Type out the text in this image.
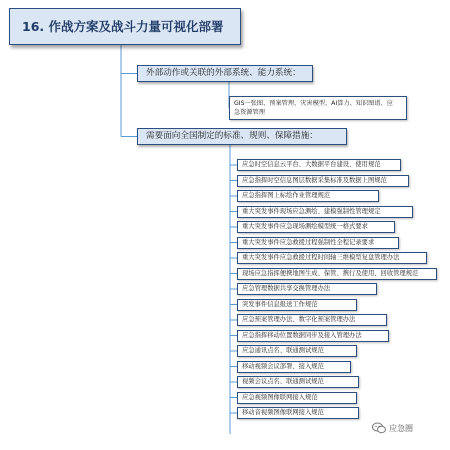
16. 作战方案及战斗力量可视化部署
外部动作或关联的外部系统、能力系统：
GIS一张图、预案管理、灾害模型、AI算力、知识图谱、应
急资源管理
需要面向全国制定的标准、规则、保障措施：
应急时空信息云平台、大数据平台建设、使用规范
应急指挥时空信息图层数据采集标准及数据上图规范
应急指挥图上标绘作业管理规范
重大突发事件现场应急测绘、建模强制性管理规定
重大突发事件应急现场测绘模型统一格式要求
重大突发事件应急救援过程强制性全程记录要求
重大突发事件应急救援过程时间轴三维模型复盘管理办法
现场应急指挥便携地图生成、保管、携行及使用、回收管理规范
应急管理数据共享交换管理办法
突发事件信息报送工作规范
应急预案管理办法、数字化预案管理办法
应急指挥移动位置数据同步及接入管理办法
应急通讯点名、联通测试规范
移动视频会议部署、接入规范
视频会议点名、联通测试规范
应急视频图像联网接入规范
移动音视频图像联网接入规范
应急圈
